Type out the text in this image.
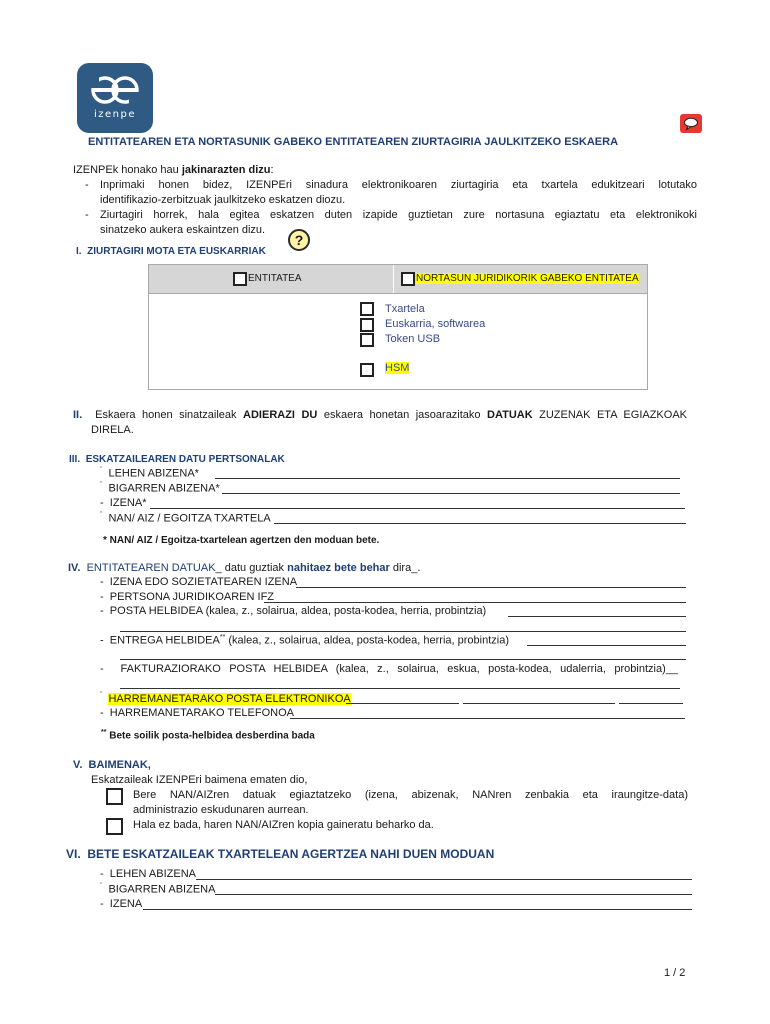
izenpe
ENTITATEAREN ETA NORTASUNIK GABEKO ENTITATEAREN ZIURTAGIRIA JAULKITZEKO ESKAERA
IZENPEk honako hau jakinarazten dizu:
- Inprimaki honen bidez, IZENPEri sinadura elektronikoaren ziurtagiria eta txartela edukitzeari lotutako
identifikazio-zerbitzuak jaulkitzeko eskatzen diozu.
- Ziurtagiri horrek, hala egitea eskatzen duten izapide guztietan zure nortasuna egiaztatu eta elektronikoki
sinatzeko aukera eskaintzen dizu.
I. ZIURTAGIRI MOTA ETA EUSKARRIAK
?
ENTITATEA	NORTASUN JURIDIKORIK GABEKO ENTITATEA
Txartela
Euskarria, softwarea
Token USB
HSM
II. Eskaera honen sinatzaileak ADIERAZI DU eskaera honetan jasoarazitako DATUAK ZUZENAK ETA EGIAZKOAK
DIRELA.
III. ESKATZAILEAREN DATU PERTSONALAK
$^ˆ$ LEHEN ABIZENA*
$^ˆ$ BIGARREN ABIZENA*
- IZENA*
$^ˆ$ NAN/ AIZ / EGOITZA TXARTELA
* NAN/ AIZ / Egoitza-txartelean agertzen den moduan bete.
IV. ENTITATEAREN DATUAK_ datu guztiak nahitaez bete behar dira_.
- IZENA EDO SOZIETATEAREN IZENA
- PERTSONA JURIDIKOAREN IFZ
- POSTA HELBIDEA (kalea, z., solairua, aldea, posta-kodea, herria, probintzia)
- ENTREGA HELBIDEA** (kalea, z., solairua, aldea, posta-kodea, herria, probintzia)
- FAKTURAZIORAKO POSTA HELBIDEA (kalea, z., solairua, eskua, posta-kodea, udalerria, probintzia)__
$^ˆ$ HARREMANETARAKO POSTA ELEKTRONIKOA
- HARREMANETARAKO TELEFONOA
** Bete soilik posta-helbidea desberdina bada
V. BAIMENAK,
Eskatzaileak IZENPEri baimena ematen dio,
Bere NAN/AIZren datuak egiaztatzeko (izena, abizenak, NANren zenbakia eta iraungitze-data)
administrazio eskudunaren aurrean.
Hala ez bada, haren NAN/AIZren kopia gaineratu beharko da.
VI. BETE ESKATZAILEAK TXARTELEAN AGERTZEA NAHI DUEN MODUAN
- LEHEN ABIZENA
$^ˆ$ BIGARREN ABIZENA
- IZENA
1 / 2
